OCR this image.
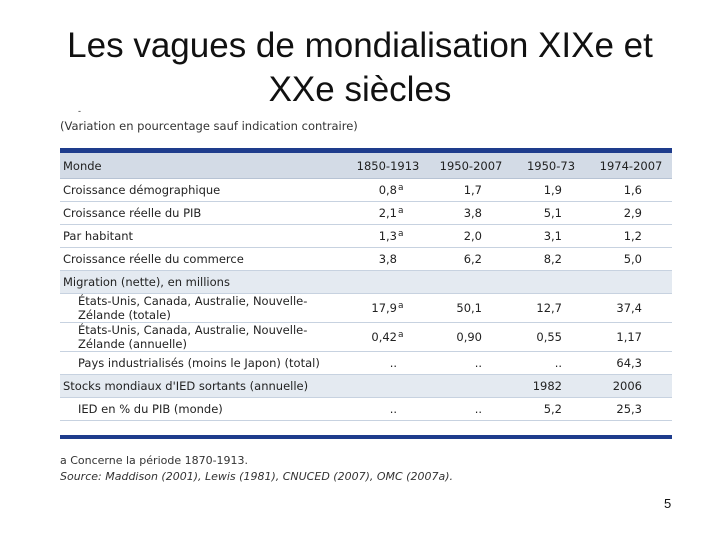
Les vagues de mondialisation XIXe et XXe siècles
-
(Variation en pourcentage sauf indication contraire)
Monde	1850-1913	1950-2007	1950-73	1974-2007
Croissance démographique	0,8$^a$	1,7	1,9	1,6
Croissance réelle du PIB	2,1$^a$	3,8	5,1	2,9
Par habitant	1,3$^a$	2,0	3,1	1,2
Croissance réelle du commerce	3,8	6,2	8,2	5,0
Migration (nette), en millions				
États-Unis, Canada, Australie, Nouvelle-Zélande (totale)	17,9$^a$	50,1	12,7	37,4
États-Unis, Canada, Australie, Nouvelle-Zélande (annuelle)	0,42$^a$	0,90	0,55	1,17
Pays industrialisés (moins le Japon) (total)	..	..	..	64,3
Stocks mondiaux d'IED sortants (annuelle)			1982	2006
IED en % du PIB (monde)	..	..	5,2	25,3
a Concerne la période 1870-1913.
Source: Maddison (2001), Lewis (1981), CNUCED (2007), OMC (2007a).
5
